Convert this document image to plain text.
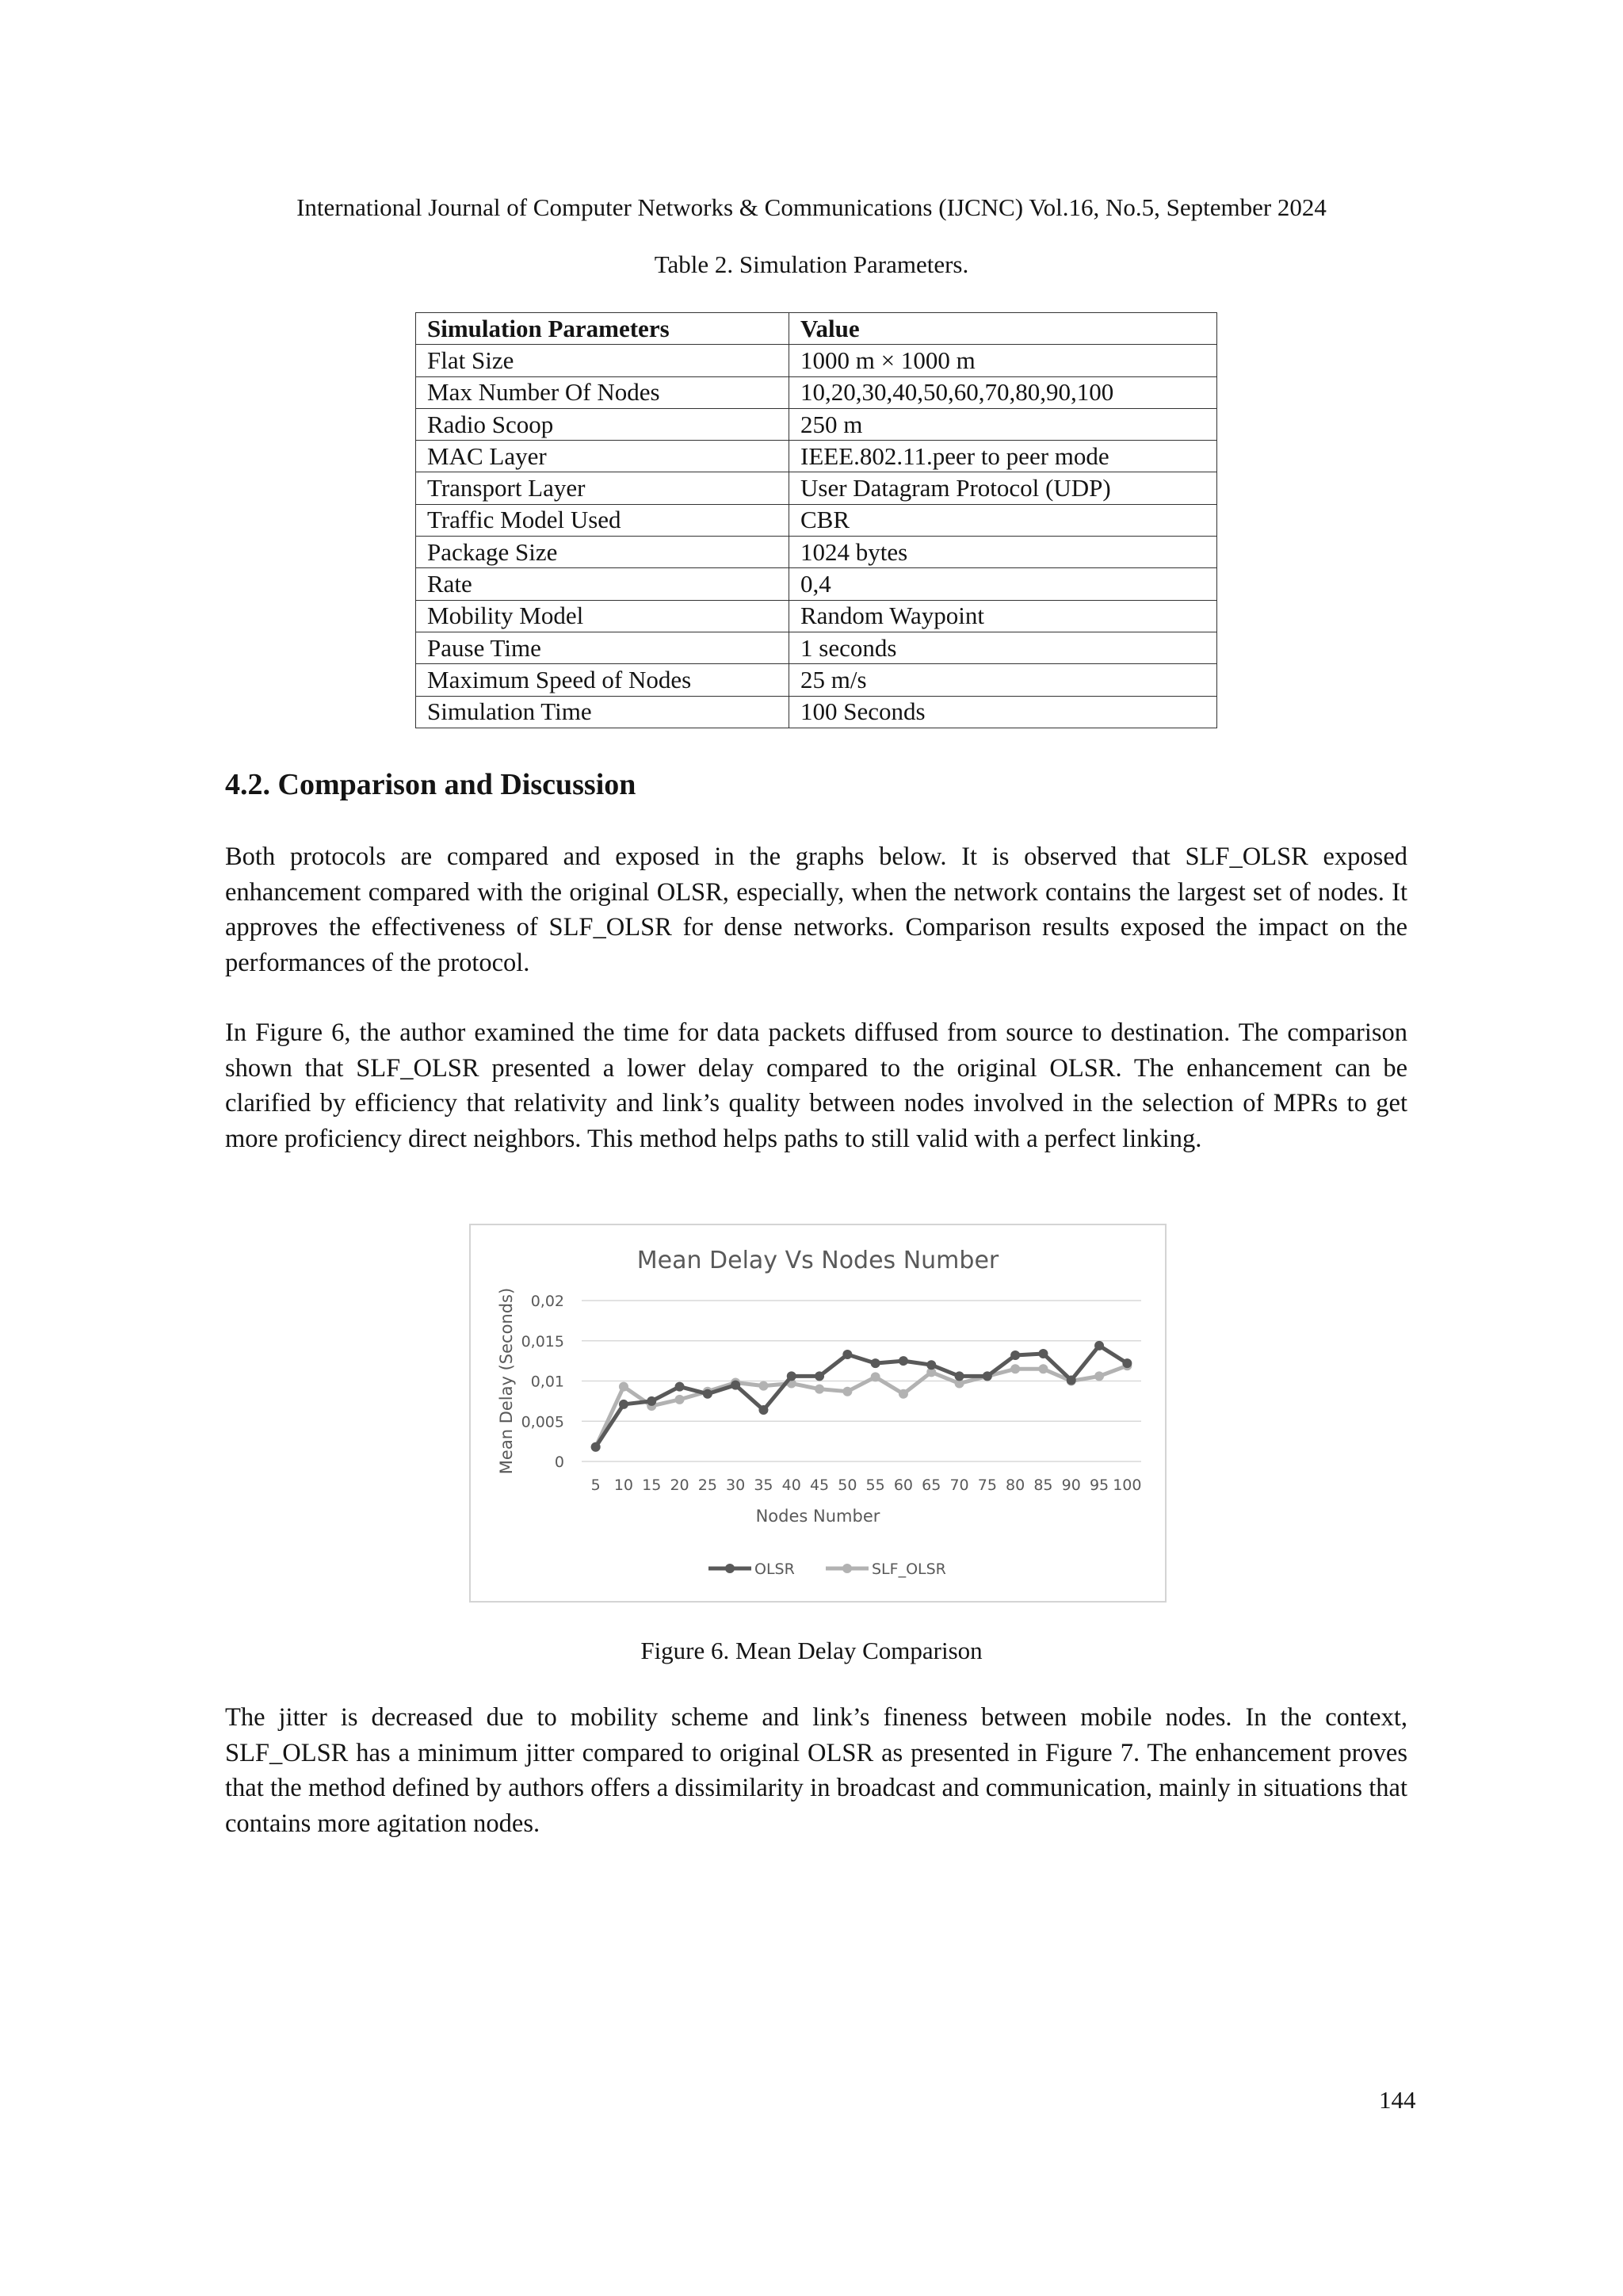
International Journal of Computer Networks & Communications (IJCNC) Vol.16, No.5, September 2024
Table 2. Simulation Parameters.
Simulation Parameters	Value
Flat Size	1000 m × 1000 m
Max Number Of Nodes	10,20,30,40,50,60,70,80,90,100
Radio Scoop	250 m
MAC Layer	IEEE.802.11.peer to peer mode
Transport Layer	User Datagram Protocol (UDP)
Traffic Model Used	CBR
Package Size	1024 bytes
Rate	0,4
Mobility Model	Random Waypoint
Pause Time	1 seconds
Maximum Speed of Nodes	25 m/s
Simulation Time	100 Seconds
4.2. Comparison and Discussion

Both protocols are compared and exposed in the graphs below. It is observed that SLF_OLSR exposed enhancement compared with the original OLSR, especially, when the network contains the largest set of nodes. It approves the effectiveness of SLF_OLSR for dense networks. Comparison results exposed the impact on the performances of the protocol.

In Figure 6, the author examined the time for data packets diffused from source to destination. The comparison shown that SLF_OLSR presented a lower delay compared to the original OLSR. The enhancement can be clarified by efficiency that relativity and link’s quality between nodes involved in the selection of MPRs to get more proficiency direct neighbors. This method helps paths to still valid with a perfect linking.

Mean Delay Vs Nodes Number
0
0,005
0,01
0,015
0,02
5 10 15 20 25 30 35 40 45 50 55 60 65 70 75 80 85 90 95 100
Nodes Number
Mean Delay (Seconds)
OLSR	SLF_OLSR
Figure 6. Mean Delay Comparison

The jitter is decreased due to mobility scheme and link’s fineness between mobile nodes. In the context, SLF_OLSR has a minimum jitter compared to original OLSR as presented in Figure 7. The enhancement proves that the method defined by authors offers a dissimilarity in broadcast and communication, mainly in situations that contains more agitation nodes.

144
